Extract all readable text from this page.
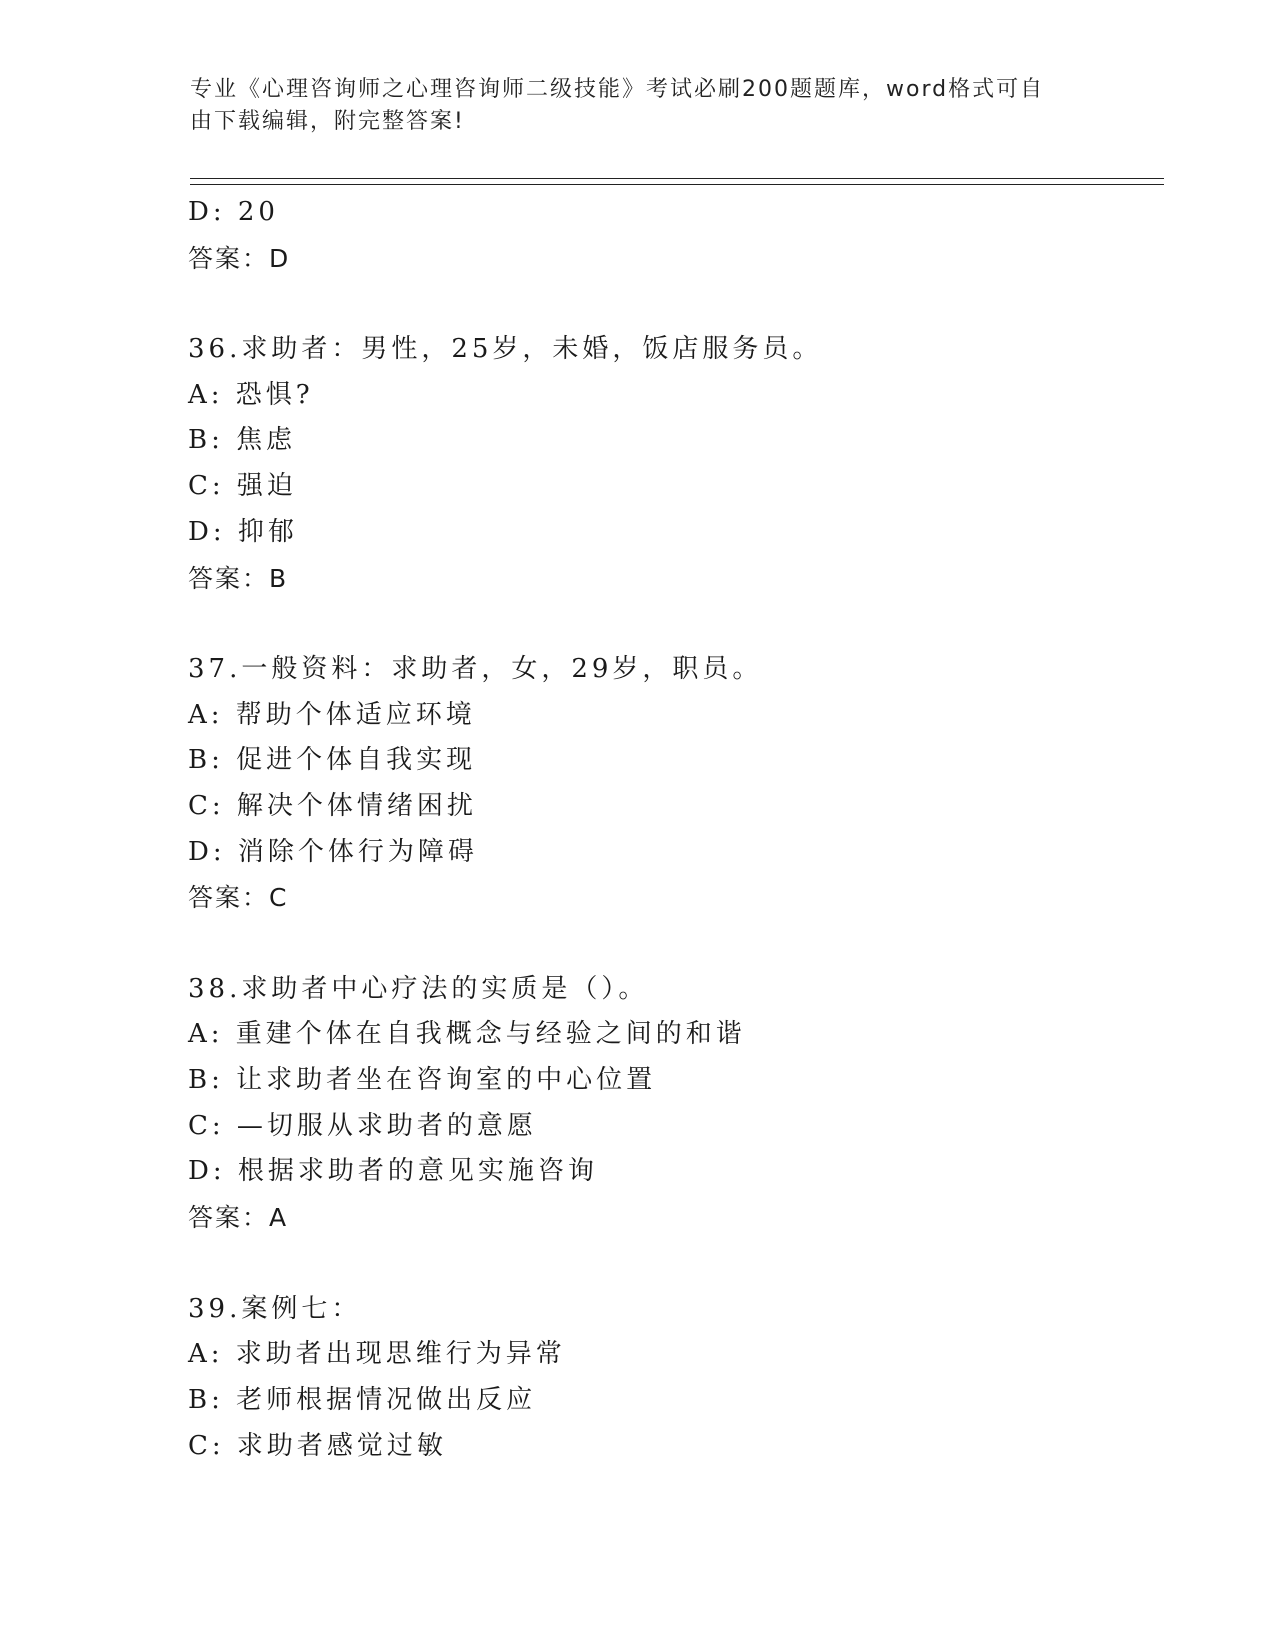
专业《心理咨询师之心理咨询师二级技能》考试必刷200题题库，word格式可自
由下载编辑，附完整答案!
D: 20
答案：D
36.求助者：男性，25岁，未婚，饭店服务员。
A: 恐惧?
B: 焦虑
C: 强迫
D: 抑郁
答案：B
37.一般资料：求助者，女，29岁，职员。
A: 帮助个体适应环境
B: 促进个体自我实现
C: 解决个体情绪困扰
D: 消除个体行为障碍
答案：C
38.求助者中心疗法的实质是（）。
A: 重建个体在自我概念与经验之间的和谐
B: 让求助者坐在咨询室的中心位置
C: —切服从求助者的意愿
D: 根据求助者的意见实施咨询
答案：A
39.案例七：
A: 求助者出现思维行为异常
B: 老师根据情况做出反应
C: 求助者感觉过敏
